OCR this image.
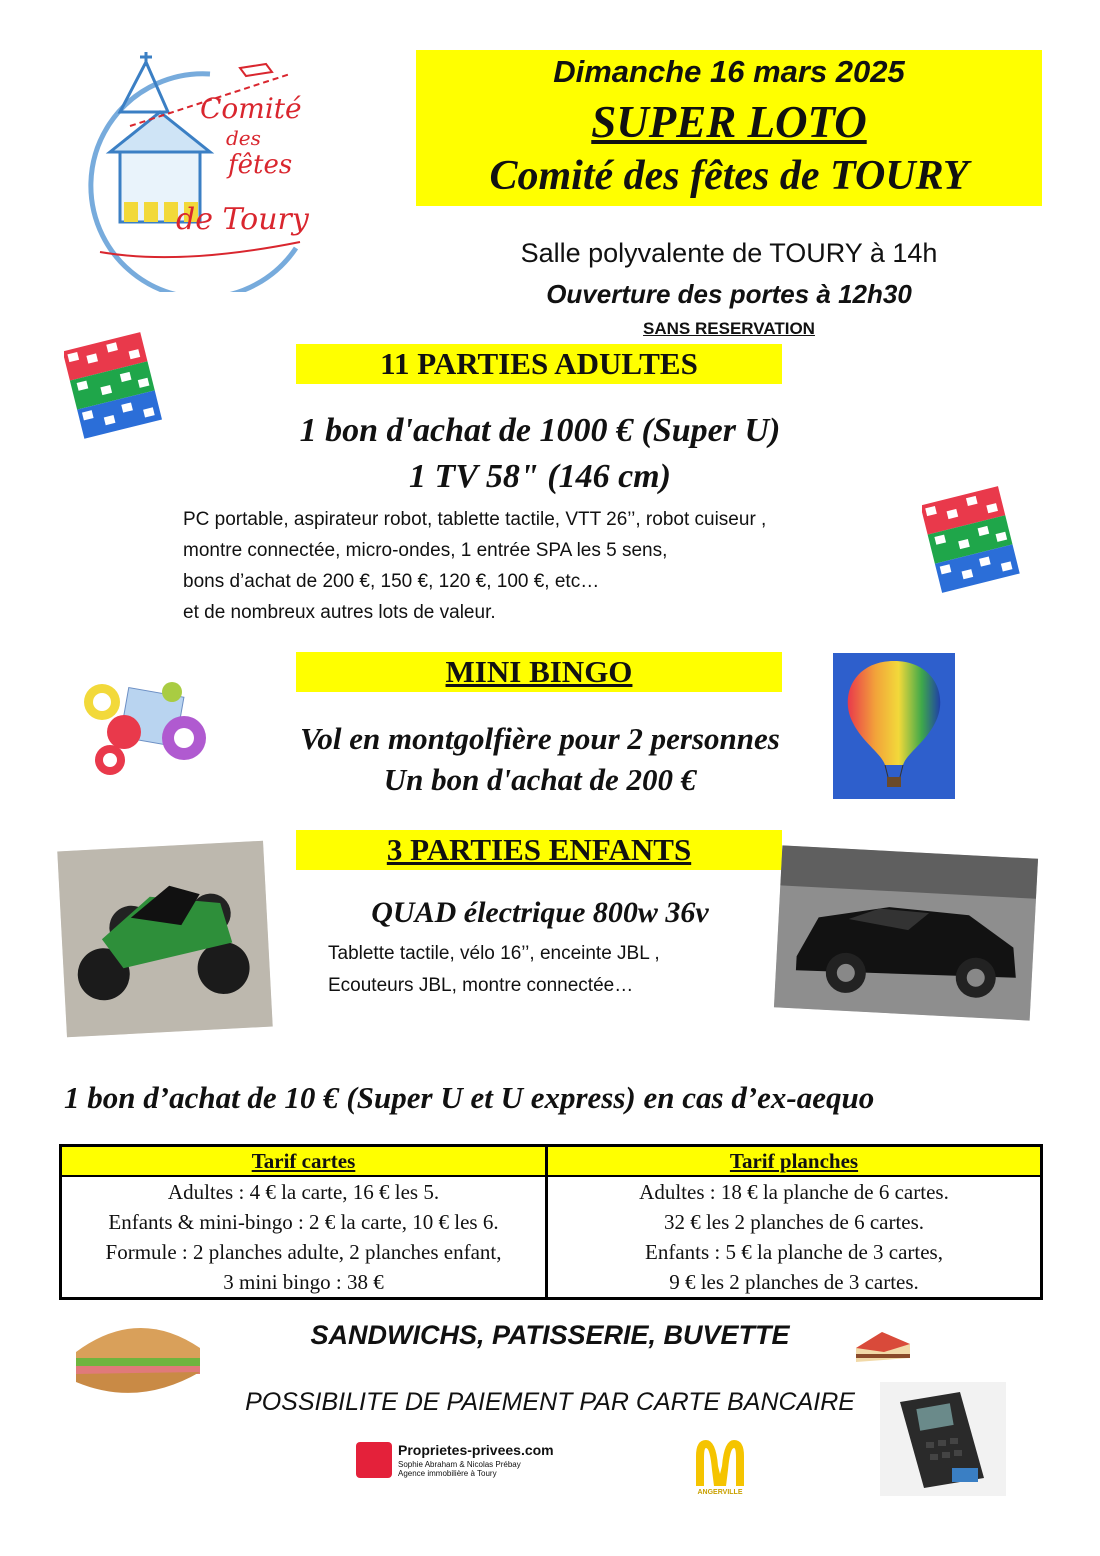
Comité
des
fêtes
de Toury
Dimanche 16 mars 2025
SUPER LOTO
Comité des fêtes de TOURY
Salle polyvalente de TOURY à 14h
Ouverture des portes à 12h30
SANS RESERVATION
11 PARTIES ADULTES
1 bon d'achat de 1000 € (Super U)
1 TV 58" (146 cm)
PC portable, aspirateur robot, tablette tactile, VTT 26’’, robot cuiseur ,
montre connectée, micro-ondes, 1 entrée SPA les 5 sens,
bons d’achat de 200 €, 150 €, 120 €, 100 €, etc…
et de nombreux autres lots de valeur.
MINI BINGO
Vol en montgolfière pour 2 personnes
Un bon d'achat de 200 €
3 PARTIES ENFANTS
QUAD électrique 800w 36v
Tablette tactile, vélo 16’’, enceinte JBL ,
Ecouteurs JBL, montre connectée…
1 bon d’achat de 10 € (Super U et U express) en cas d’ex-aequo
Tarif cartes
Adultes : 4 € la carte, 16 € les 5.
Enfants & mini-bingo : 2 € la carte, 10 € les 6.
Formule : 2 planches adulte, 2 planches enfant,
3 mini bingo : 38 €
Tarif planches
Adultes : 18 € la planche de 6 cartes.
32 € les 2 planches de 6 cartes.
Enfants : 5 € la planche de 3 cartes,
9 € les 2 planches de 3 cartes.
SANDWICHS, PATISSERIE, BUVETTE
POSSIBILITE DE PAIEMENT PAR CARTE BANCAIRE
Proprietes-privees.com
Sophie Abraham & Nicolas Prébay
Agence immobilière à Toury
ANGERVILLE
